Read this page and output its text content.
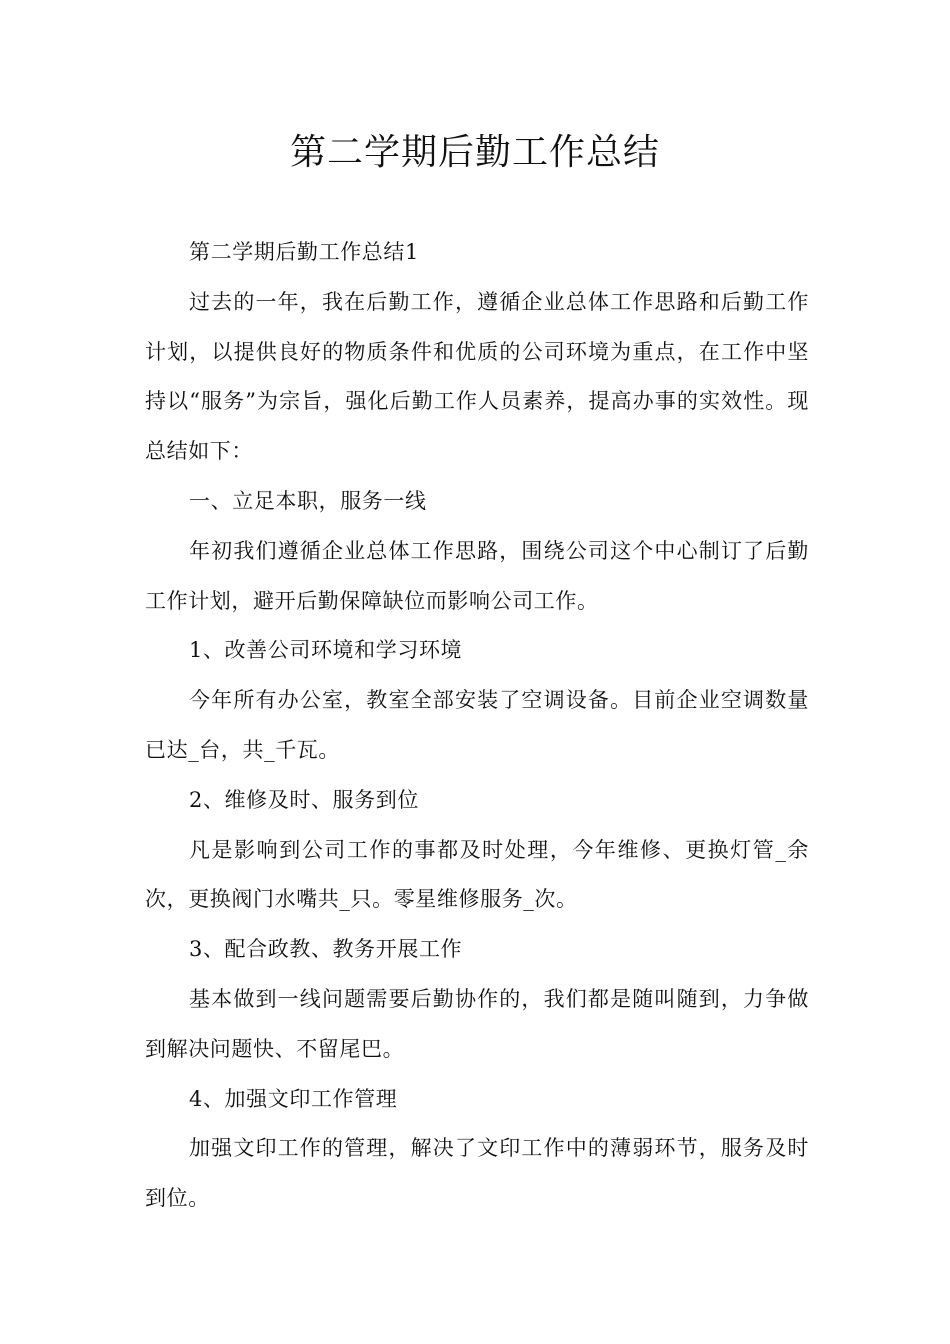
第二学期后勤工作总结

第二学期后勤工作总结1

过去的一年，我在后勤工作，遵循企业总体工作思路和后勤工作计划，以提供良好的物质条件和优质的公司环境为重点，在工作中坚持以“服务”为宗旨，强化后勤工作人员素养，提高办事的实效性。现总结如下：

一、立足本职，服务一线

年初我们遵循企业总体工作思路，围绕公司这个中心制订了后勤工作计划，避开后勤保障缺位而影响公司工作。

1、改善公司环境和学习环境

今年所有办公室，教室全部安装了空调设备。目前企业空调数量已达_台，共_千瓦。

2、维修及时、服务到位

凡是影响到公司工作的事都及时处理，今年维修、更换灯管_余次，更换阀门水嘴共_只。零星维修服务_次。

3、配合政教、教务开展工作

基本做到一线问题需要后勤协作的，我们都是随叫随到，力争做到解决问题快、不留尾巴。

4、加强文印工作管理

加强文印工作的管理，解决了文印工作中的薄弱环节，服务及时到位。
